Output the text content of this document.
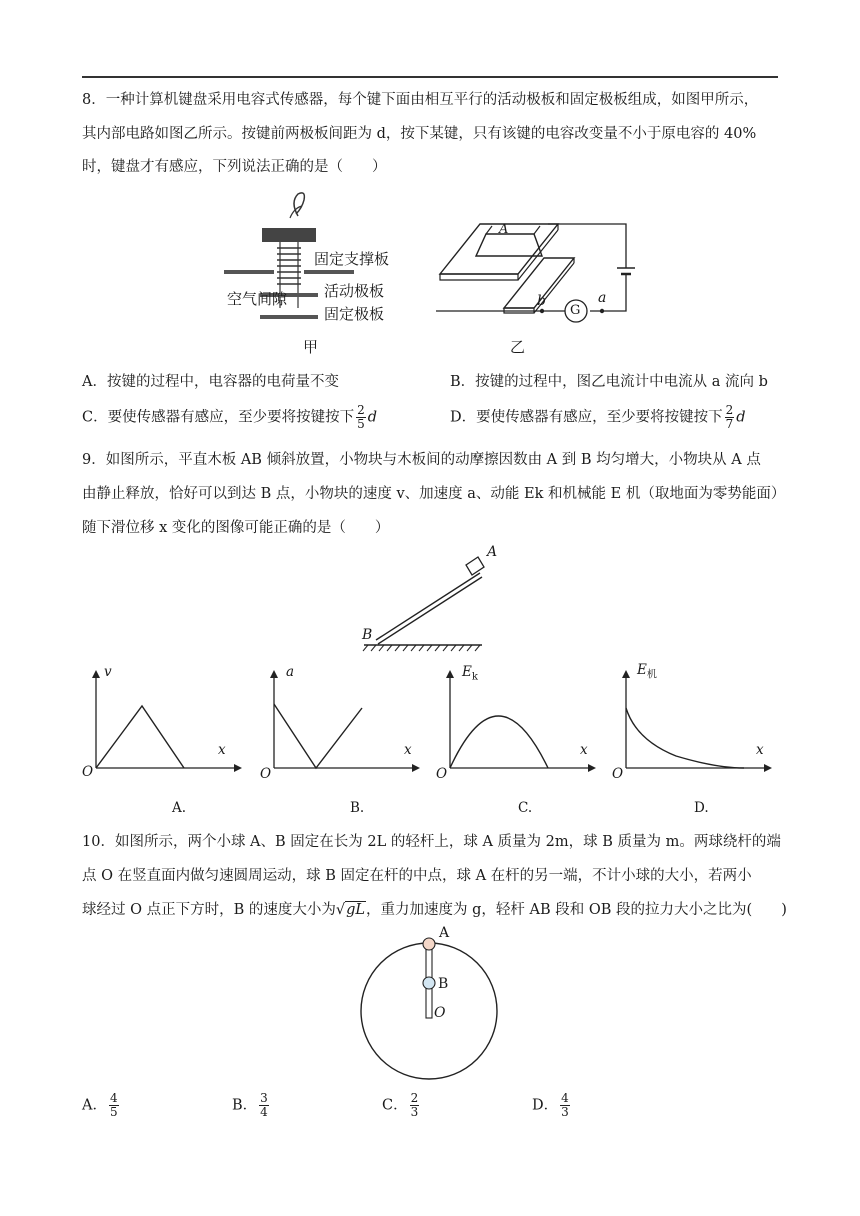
8．一种计算机键盘采用电容式传感器，每个键下面由相互平行的活动极板和固定极板组成，如图甲所示，
其内部电路如图乙所示。按键前两极板间距为 d，按下某键，只有该键的电容改变量不小于原电容的 40%
时，键盘才有感应，下列说法正确的是（　　）
固定支撑板
空气间隙 活动极板
固定极板
甲
A
b	a
G
乙
A．按键的过程中，电容器的电荷量不变	B．按键的过程中，图乙电流计中电流从 a 流向 b
C．要使传感器有感应，至少要将按键按下 $\frac{2}{5}$ d	D．要使传感器有感应，至少要将按键按下 $\frac{2}{7}$ d
9．如图所示，平直木板 AB 倾斜放置，小物块与木板间的动摩擦因数由 A 到 B 均匀增大，小物块从 A 点
由静止释放，恰好可以到达 B 点，小物块的速度 v、加速度 a、动能 Ek 和机械能 E 机（取地面为零势能面）
随下滑位移 x 变化的图像可能正确的是（　　）
A
B
v
x
O
A.
a
x
O
B.
$E_k$
x
O
C.
$E_机$
x
O
D.
10．如图所示，两个小球 A、B 固定在长为 2L 的轻杆上，球 A 质量为 2m，球 B 质量为 m。两球绕杆的端
点 O 在竖直面内做匀速圆周运动，球 B 固定在杆的中点，球 A 在杆的另一端，不计小球的大小，若两小
球经过 O 点正下方时，B 的速度大小为√gL，重力加速度为 g，轻杆 AB 段和 OB 段的拉力大小之比为(　　)
A
B
O
A． $\frac{4}{5}$	B． $\frac{3}{4}$	C． $\frac{2}{3}$	D． $\frac{4}{3}$
